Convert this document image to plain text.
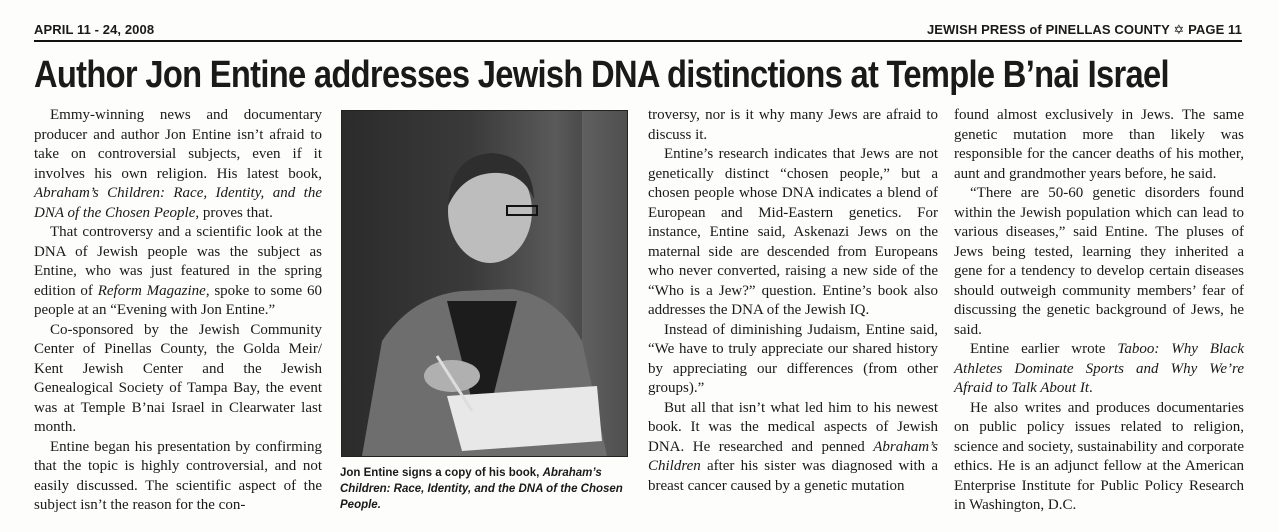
APRIL 11 - 24, 2008	JEWISH PRESS of PINELLAS COUNTY ✡ PAGE 11
Author Jon Entine addresses Jewish DNA distinctions at Temple B’nai Israel

Emmy-winning news and documentary producer and author Jon Entine isn’t afraid to take on controversial subjects, even if it involves his own religion. His latest book, Abraham’s Children: Race, Identity, and the DNA of the Chosen People, proves that.

That controversy and a scientific look at the DNA of Jewish people was the subject as Entine, who was just featured in the spring edition of Reform Magazine, spoke to some 60 people at an “Evening with Jon Entine.”

Co-sponsored by the Jewish Community Center of Pinellas County, the Golda Meir/ Kent Jewish Center and the Jewish Genealogical Society of Tampa Bay, the event was at Temple B’nai Israel in Clearwater last month.

Entine began his presentation by confirming that the topic is highly controversial, and not easily discussed. The scientific aspect of the subject isn’t the reason for the con-

Jon Entine signs a copy of his book, Abraham’s Children: Race, Identity, and the DNA of the Chosen People.

troversy, nor is it why many Jews are afraid to discuss it.

Entine’s research indicates that Jews are not genetically distinct “chosen people,” but a chosen people whose DNA indicates a blend of European and Mid-Eastern genetics. For instance, Entine said, Askenazi Jews on the maternal side are descended from Europeans who never converted, raising a new side of the “Who is a Jew?” question. Entine’s book also addresses the DNA of the Jewish IQ.

Instead of diminishing Judaism, Entine said, “We have to truly appreciate our shared history by appreciating our differences (from other groups).”

But all that isn’t what led him to his newest book. It was the medical aspects of Jewish DNA. He researched and penned Abraham’s Children after his sister was diagnosed with a breast cancer caused by a genetic mutation

found almost exclusively in Jews. The same genetic mutation more than likely was responsible for the cancer deaths of his mother, aunt and grandmother years before, he said.

“There are 50-60 genetic disorders found within the Jewish population which can lead to various diseases,” said Entine. The pluses of Jews being tested, learning they inherited a gene for a tendency to develop certain diseases should outweigh community members’ fear of discussing the genetic background of Jews, he said.

Entine earlier wrote Taboo: Why Black Athletes Dominate Sports and Why We’re Afraid to Talk About It.

He also writes and produces documentaries on public policy issues related to religion, science and society, sustainability and corporate ethics. He is an adjunct fellow at the American Enterprise Institute for Public Policy Research in Washington, D.C.
